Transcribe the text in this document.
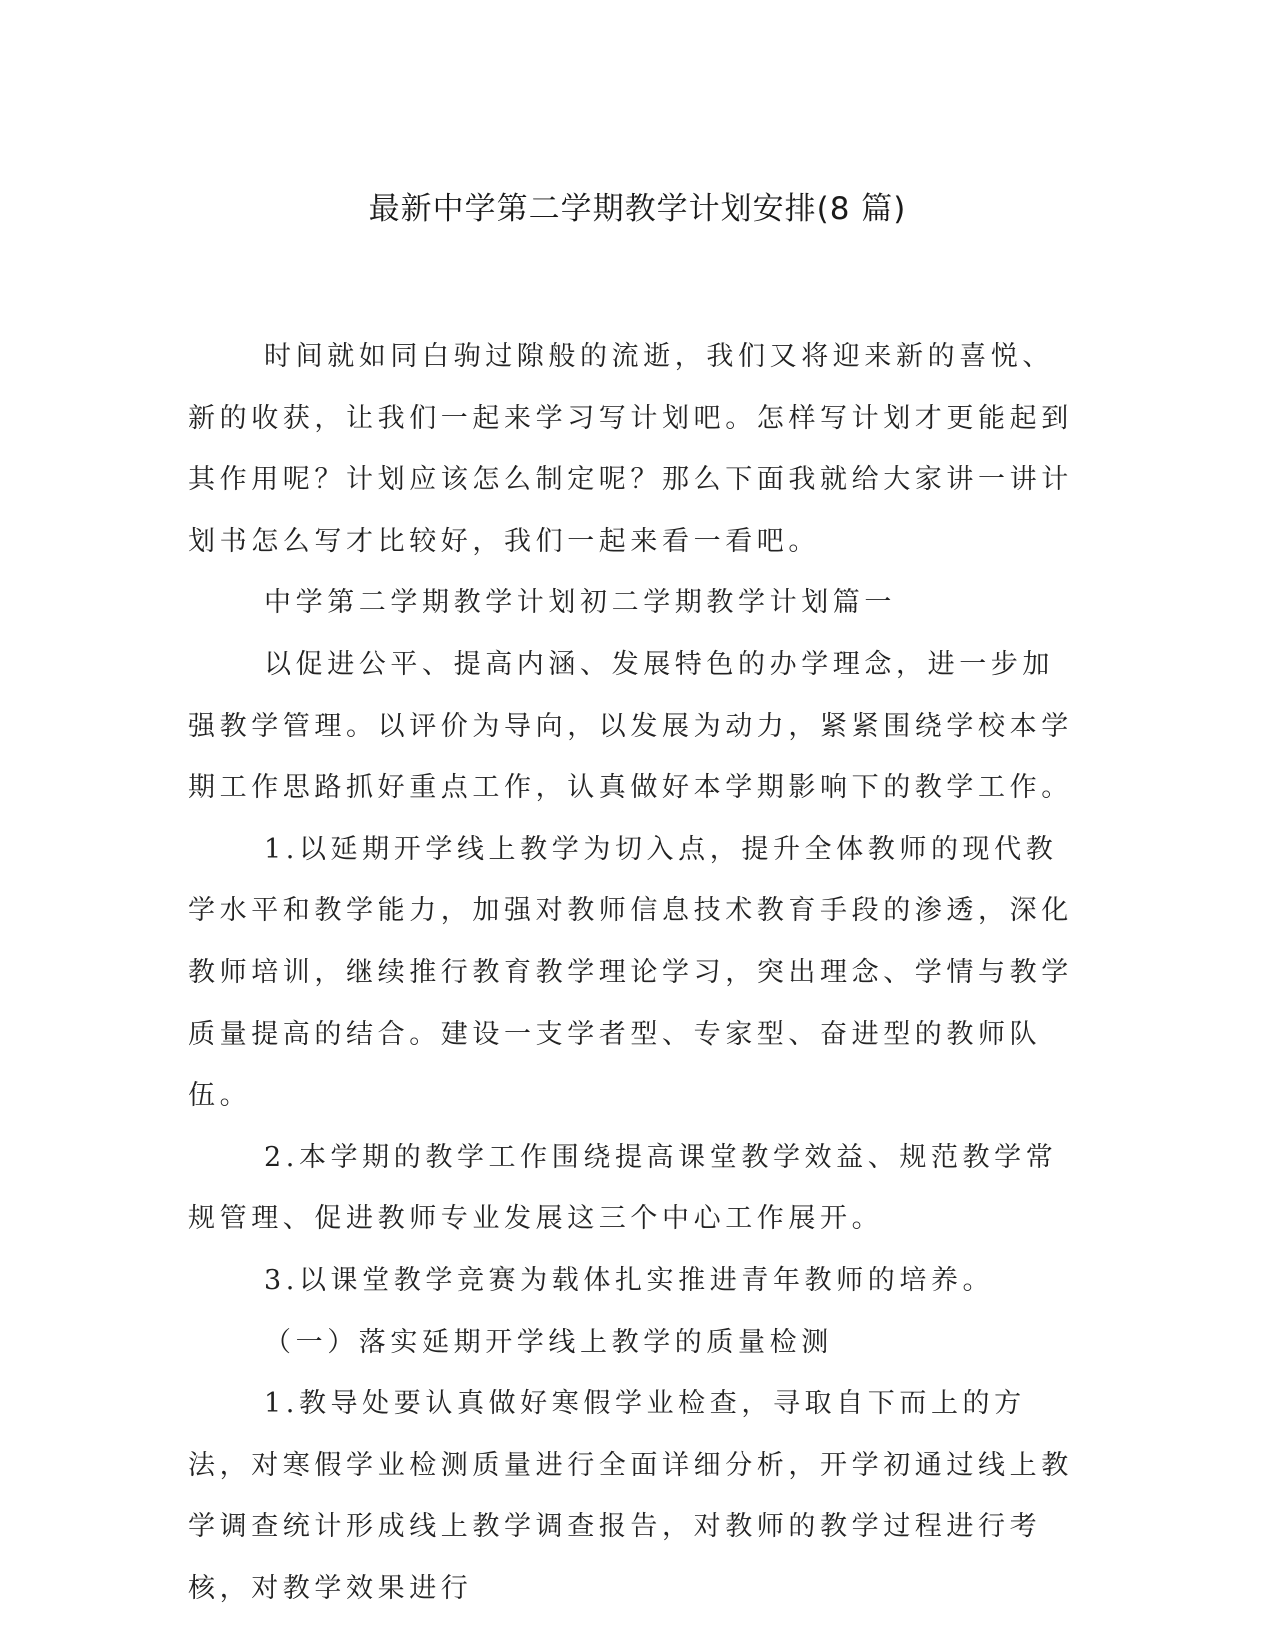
最新中学第二学期教学计划安排(8 篇)

时间就如同白驹过隙般的流逝，我们又将迎来新的喜悦、新的收获，让我们一起来学习写计划吧。怎样写计划才更能起到其作用呢？计划应该怎么制定呢？那么下面我就给大家讲一讲计划书怎么写才比较好，我们一起来看一看吧。

中学第二学期教学计划初二学期教学计划篇一

以促进公平、提高内涵、发展特色的办学理念，进一步加强教学管理。以评价为导向，以发展为动力，紧紧围绕学校本学期工作思路抓好重点工作，认真做好本学期影响下的教学工作。

1.以延期开学线上教学为切入点，提升全体教师的现代教学水平和教学能力，加强对教师信息技术教育手段的渗透，深化教师培训，继续推行教育教学理论学习，突出理念、学情与教学质量提高的结合。建设一支学者型、专家型、奋进型的教师队伍。

2.本学期的教学工作围绕提高课堂教学效益、规范教学常规管理、促进教师专业发展这三个中心工作展开。

3.以课堂教学竞赛为载体扎实推进青年教师的培养。

（一）落实延期开学线上教学的质量检测

1.教导处要认真做好寒假学业检查，寻取自下而上的方法，对寒假学业检测质量进行全面详细分析，开学初通过线上教学调查统计形成线上教学调查报告，对教师的教学过程进行考核，对教学效果进行
